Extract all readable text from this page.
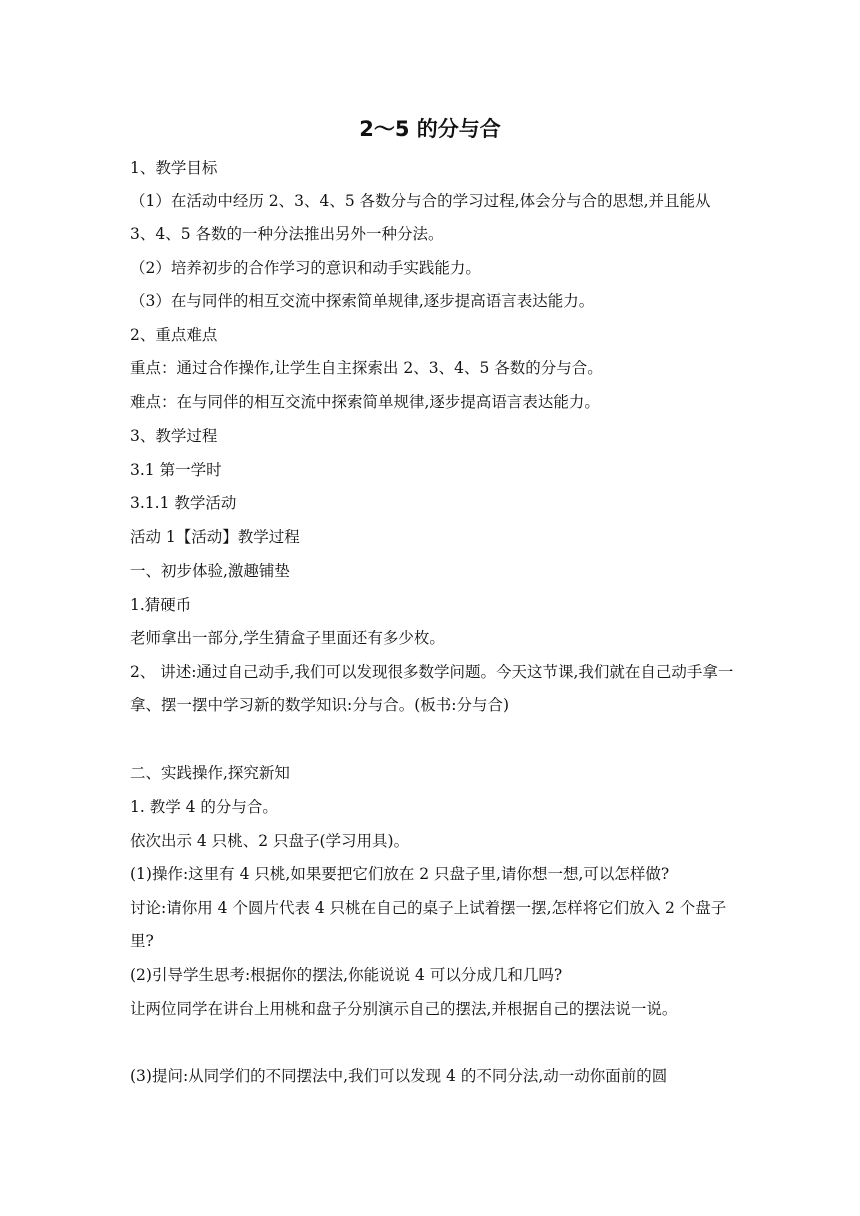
2～5 的分与合

1、教学目标

（1）在活动中经历 2、3、4、5 各数分与合的学习过程,体会分与合的思想,并且能从 3、4、5 各数的一种分法推出另外一种分法。

（2）培养初步的合作学习的意识和动手实践能力。

（3）在与同伴的相互交流中探索简单规律,逐步提高语言表达能力。

2、重点难点

重点：通过合作操作,让学生自主探索出 2、3、4、5 各数的分与合。

难点：在与同伴的相互交流中探索简单规律,逐步提高语言表达能力。

3、教学过程

3.1 第一学时

3.1.1 教学活动

活动 1【活动】教学过程

一、初步体验,激趣铺垫

1.猜硬币

老师拿出一部分,学生猜盒子里面还有多少枚。

2、 讲述:通过自己动手,我们可以发现很多数学问题。今天这节课,我们就在自己动手拿一拿、摆一摆中学习新的数学知识:分与合。(板书:分与合)

二、实践操作,探究新知

1. 教学 4 的分与合。

依次出示 4 只桃、2 只盘子(学习用具)。

(1)操作:这里有 4 只桃,如果要把它们放在 2 只盘子里,请你想一想,可以怎样做?

讨论:请你用 4 个圆片代表 4 只桃在自己的桌子上试着摆一摆,怎样将它们放入 2 个盘子里?

(2)引导学生思考:根据你的摆法,你能说说 4 可以分成几和几吗?

让两位同学在讲台上用桃和盘子分别演示自己的摆法,并根据自己的摆法说一说。

(3)提问:从同学们的不同摆法中,我们可以发现 4 的不同分法,动一动你面前的圆
